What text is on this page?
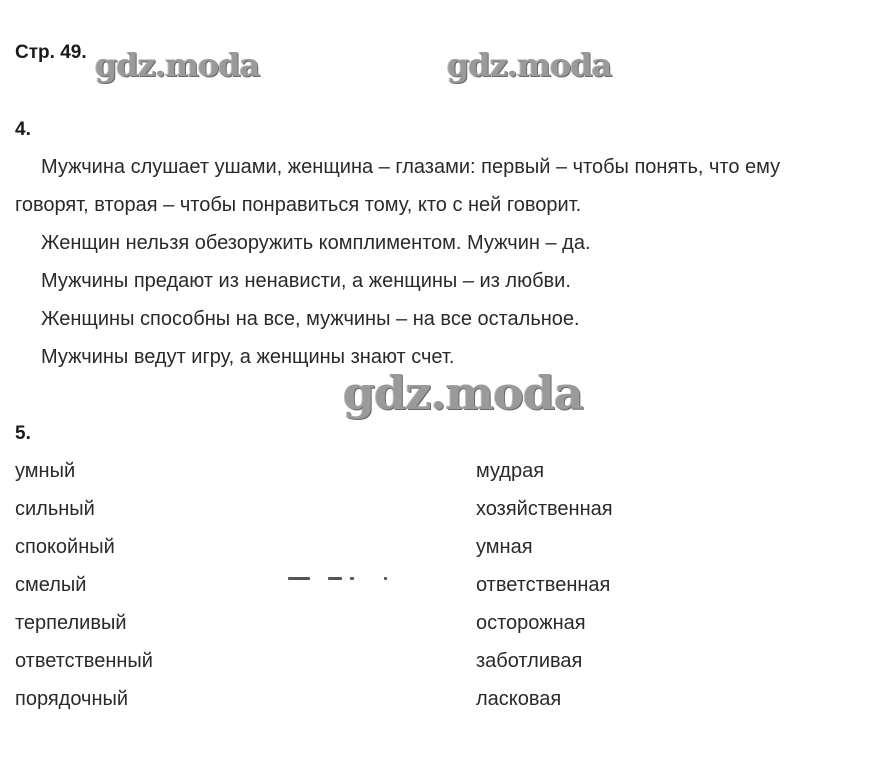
Стр. 49. gdz.moda	gdz.moda
4.
Мужчина слушает ушами, женщина – глазами: первый – чтобы понять, что ему
говорят, вторая – чтобы понравиться тому, кто с ней говорит.
Женщин нельзя обезоружить комплиментом. Мужчин – да.
Мужчины предают из ненависти, а женщины – из любви.
Женщины способны на все, мужчины – на все остальное.
Мужчины ведут игру, а женщины знают счет.
gdz.moda
5.
умный
сильный
спокойный
смелый
терпеливый
ответственный
порядочный
мудрая
хозяйственная
умная
ответственная
осторожная
заботливая
ласковая
